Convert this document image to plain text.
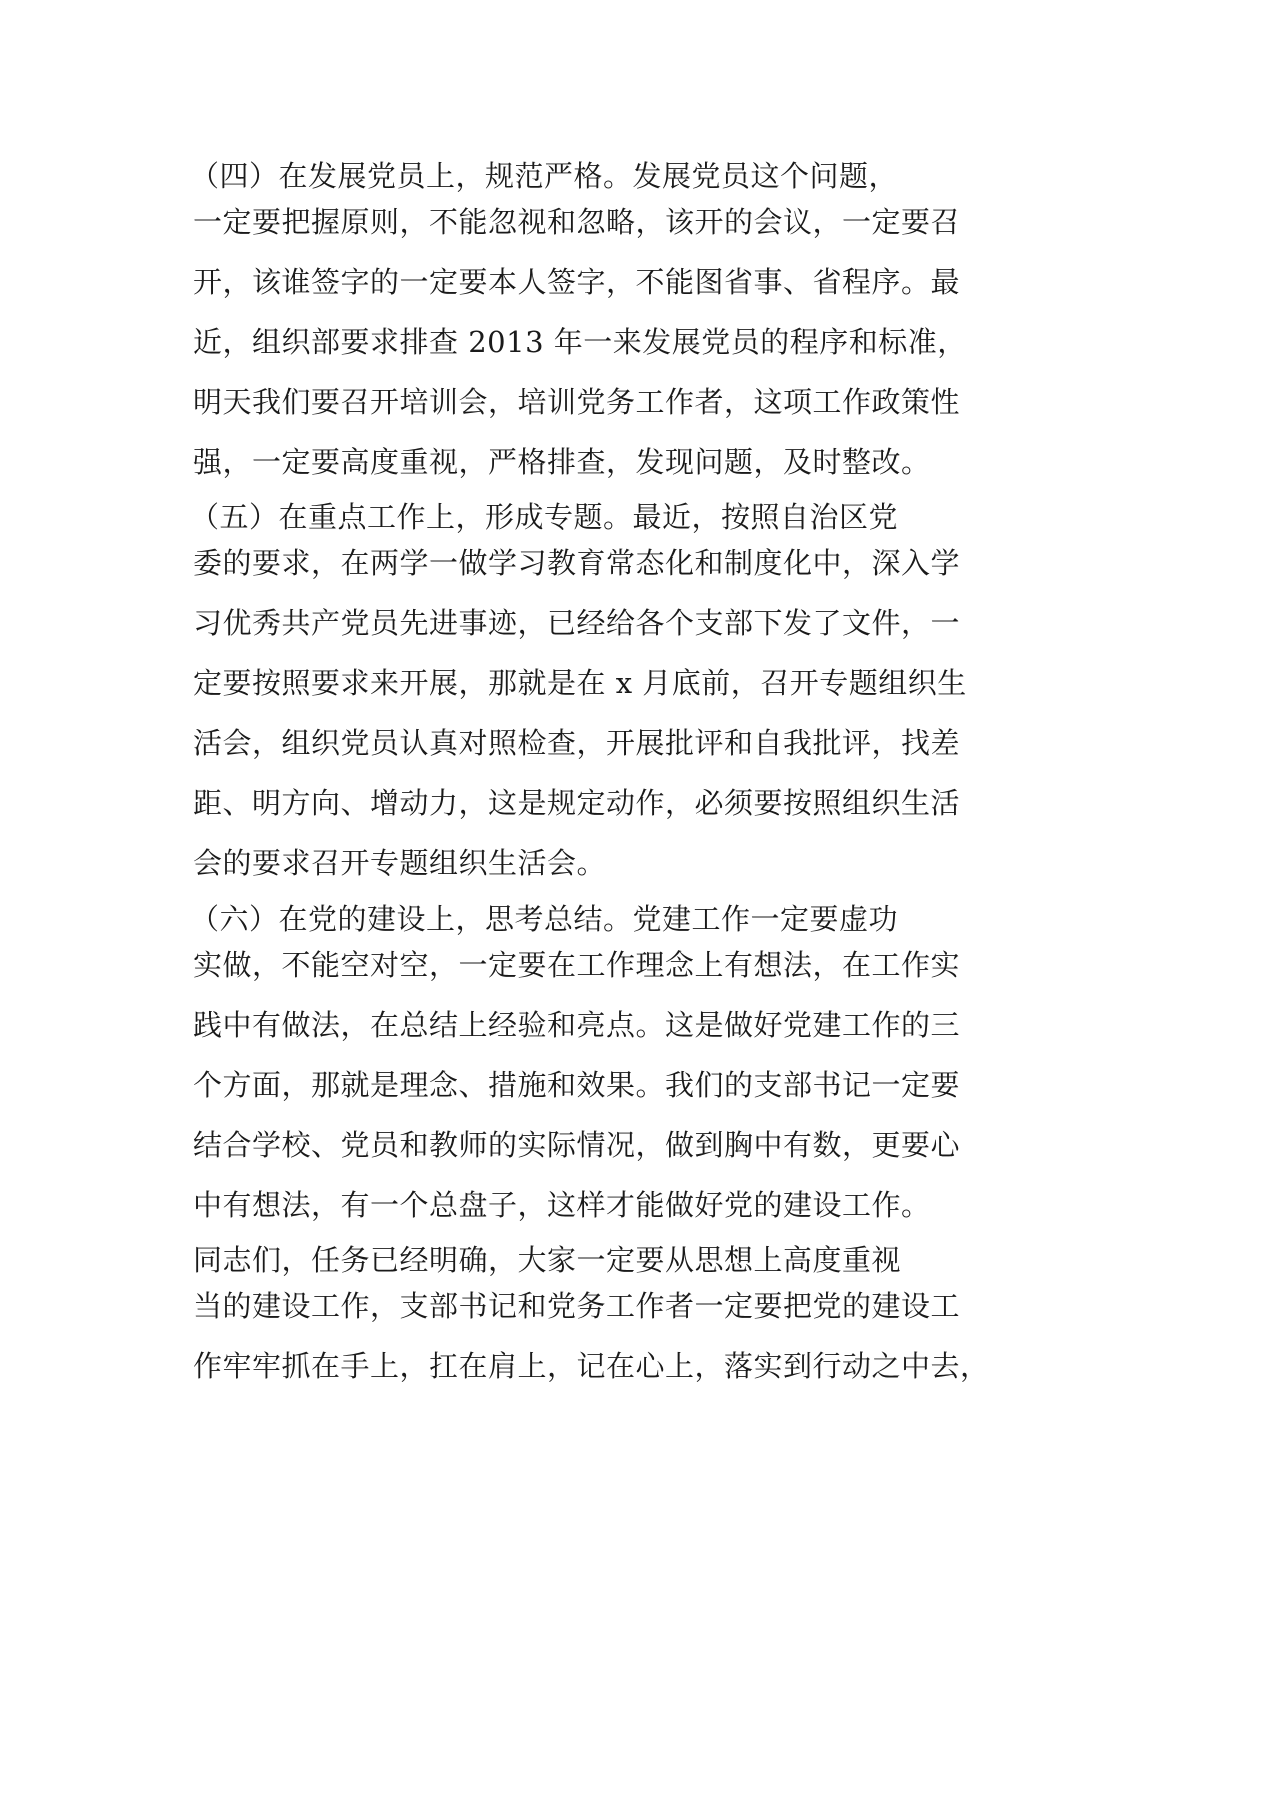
（四）在发展党员上，规范严格。发展党员这个问题，
一定要把握原则，不能忽视和忽略，该开的会议，一定要召
开，该谁签字的一定要本人签字，不能图省事、省程序。最
近，组织部要求排查 2013 年一来发展党员的程序和标准，
明天我们要召开培训会，培训党务工作者，这项工作政策性
强，一定要高度重视，严格排查，发现问题，及时整改。
（五）在重点工作上，形成专题。最近，按照自治区党
委的要求，在两学一做学习教育常态化和制度化中，深入学
习优秀共产党员先进事迹，已经给各个支部下发了文件，一
定要按照要求来开展，那就是在 x 月底前，召开专题组织生
活会，组织党员认真对照检查，开展批评和自我批评，找差
距、明方向、增动力，这是规定动作，必须要按照组织生活
会的要求召开专题组织生活会。
（六）在党的建设上，思考总结。党建工作一定要虚功
实做，不能空对空，一定要在工作理念上有想法，在工作实
践中有做法，在总结上经验和亮点。这是做好党建工作的三
个方面，那就是理念、措施和效果。我们的支部书记一定要
结合学校、党员和教师的实际情况，做到胸中有数，更要心
中有想法，有一个总盘子，这样才能做好党的建设工作。
同志们，任务已经明确，大家一定要从思想上高度重视
当的建设工作，支部书记和党务工作者一定要把党的建设工
作牢牢抓在手上，扛在肩上，记在心上，落实到行动之中去，
